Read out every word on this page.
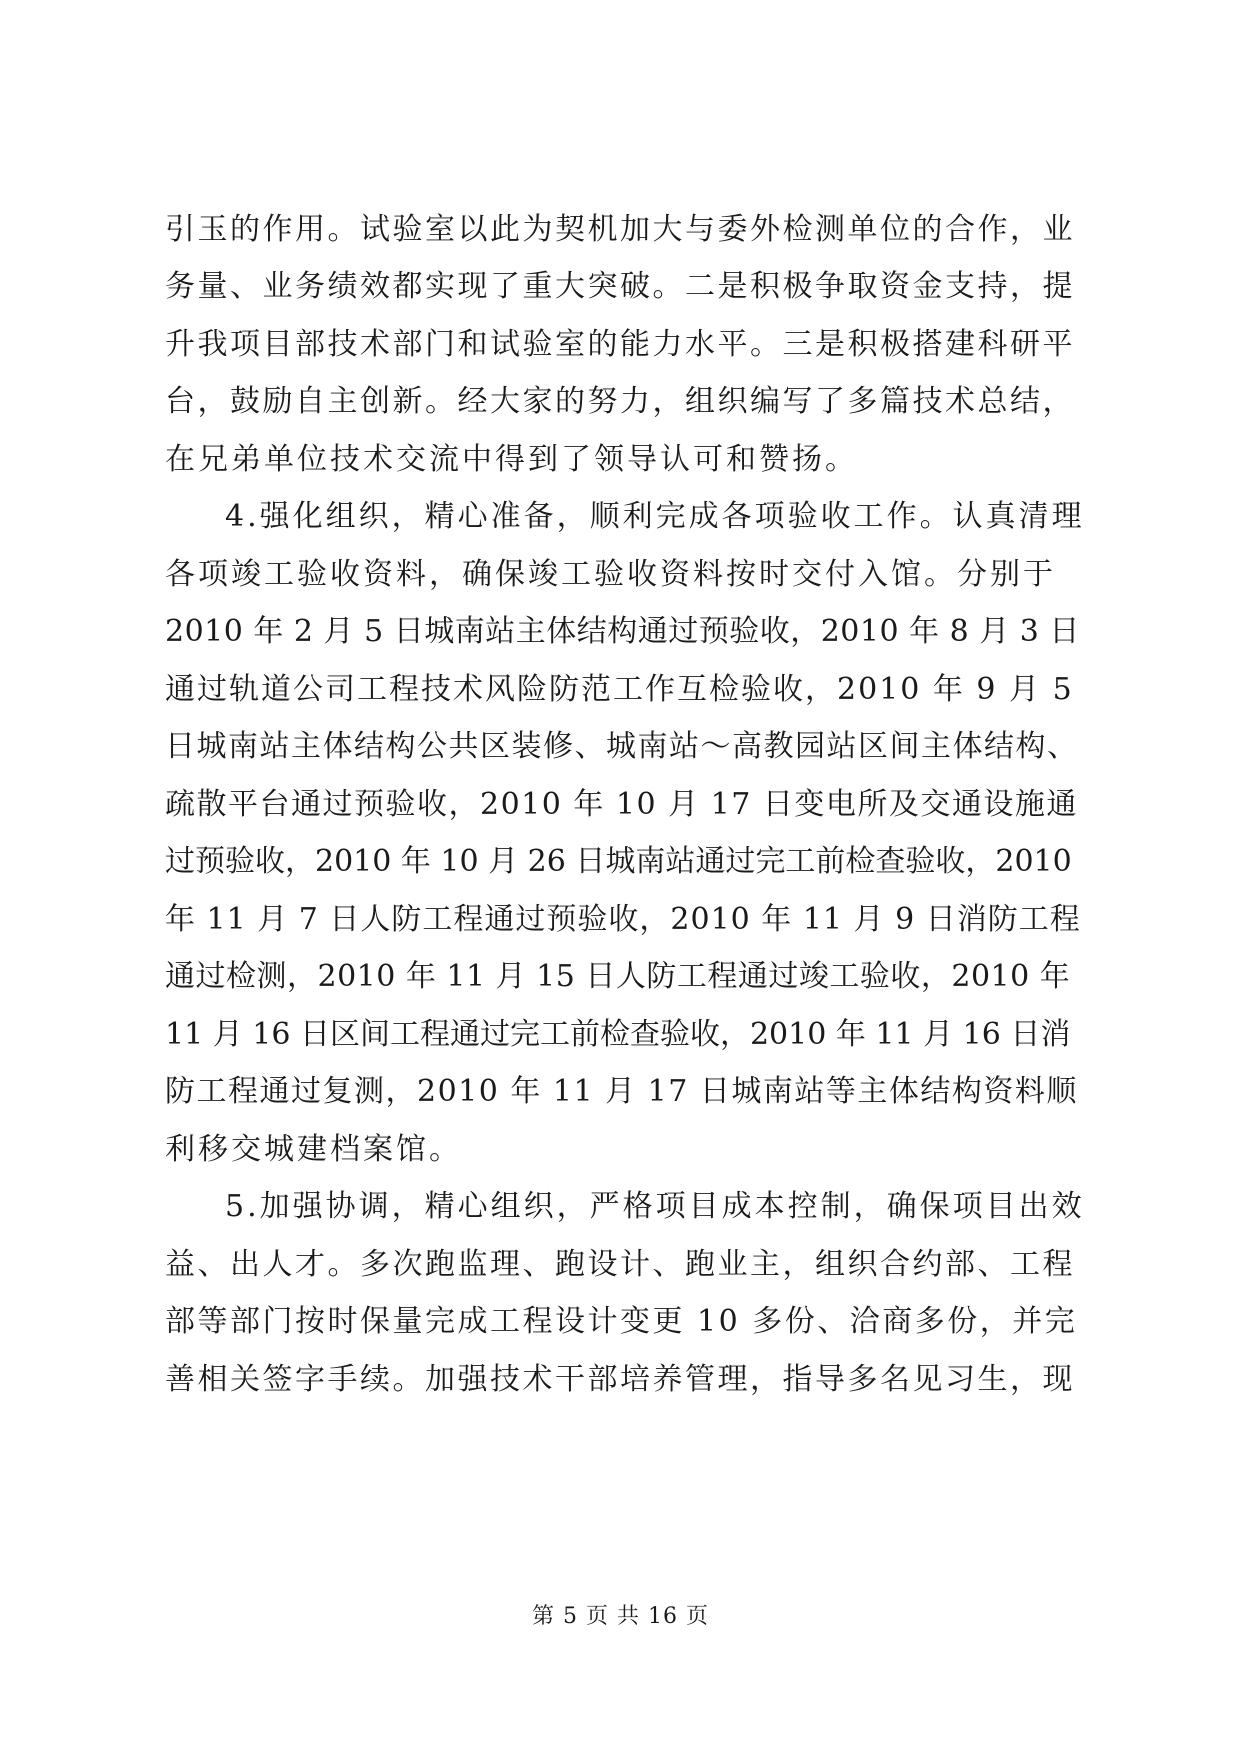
引玉的作用。试验室以此为契机加大与委外检测单位的合作，业
务量、业务绩效都实现了重大突破。二是积极争取资金支持，提
升我项目部技术部门和试验室的能力水平。三是积极搭建科研平
台，鼓励自主创新。经大家的努力，组织编写了多篇技术总结，
在兄弟单位技术交流中得到了领导认可和赞扬。
4.强化组织，精心准备，顺利完成各项验收工作。认真清理
各项竣工验收资料，确保竣工验收资料按时交付入馆。分别于
2010 年 2 月 5 日城南站主体结构通过预验收，2010 年 8 月 3 日
通过轨道公司工程技术风险防范工作互检验收，2010 年 9 月 5
日城南站主体结构公共区装修、城南站～高教园站区间主体结构、
疏散平台通过预验收，2010 年 10 月 17 日变电所及交通设施通
过预验收，2010 年 10 月 26 日城南站通过完工前检查验收，2010
年 11 月 7 日人防工程通过预验收，2010 年 11 月 9 日消防工程
通过检测，2010 年 11 月 15 日人防工程通过竣工验收，2010 年
11 月 16 日区间工程通过完工前检查验收，2010 年 11 月 16 日消
防工程通过复测，2010 年 11 月 17 日城南站等主体结构资料顺
利移交城建档案馆。
5.加强协调，精心组织，严格项目成本控制，确保项目出效
益、出人才。多次跑监理、跑设计、跑业主，组织合约部、工程
部等部门按时保量完成工程设计变更 10 多份、洽商多份，并完
善相关签字手续。加强技术干部培养管理，指导多名见习生，现
第 5 页 共 16 页
